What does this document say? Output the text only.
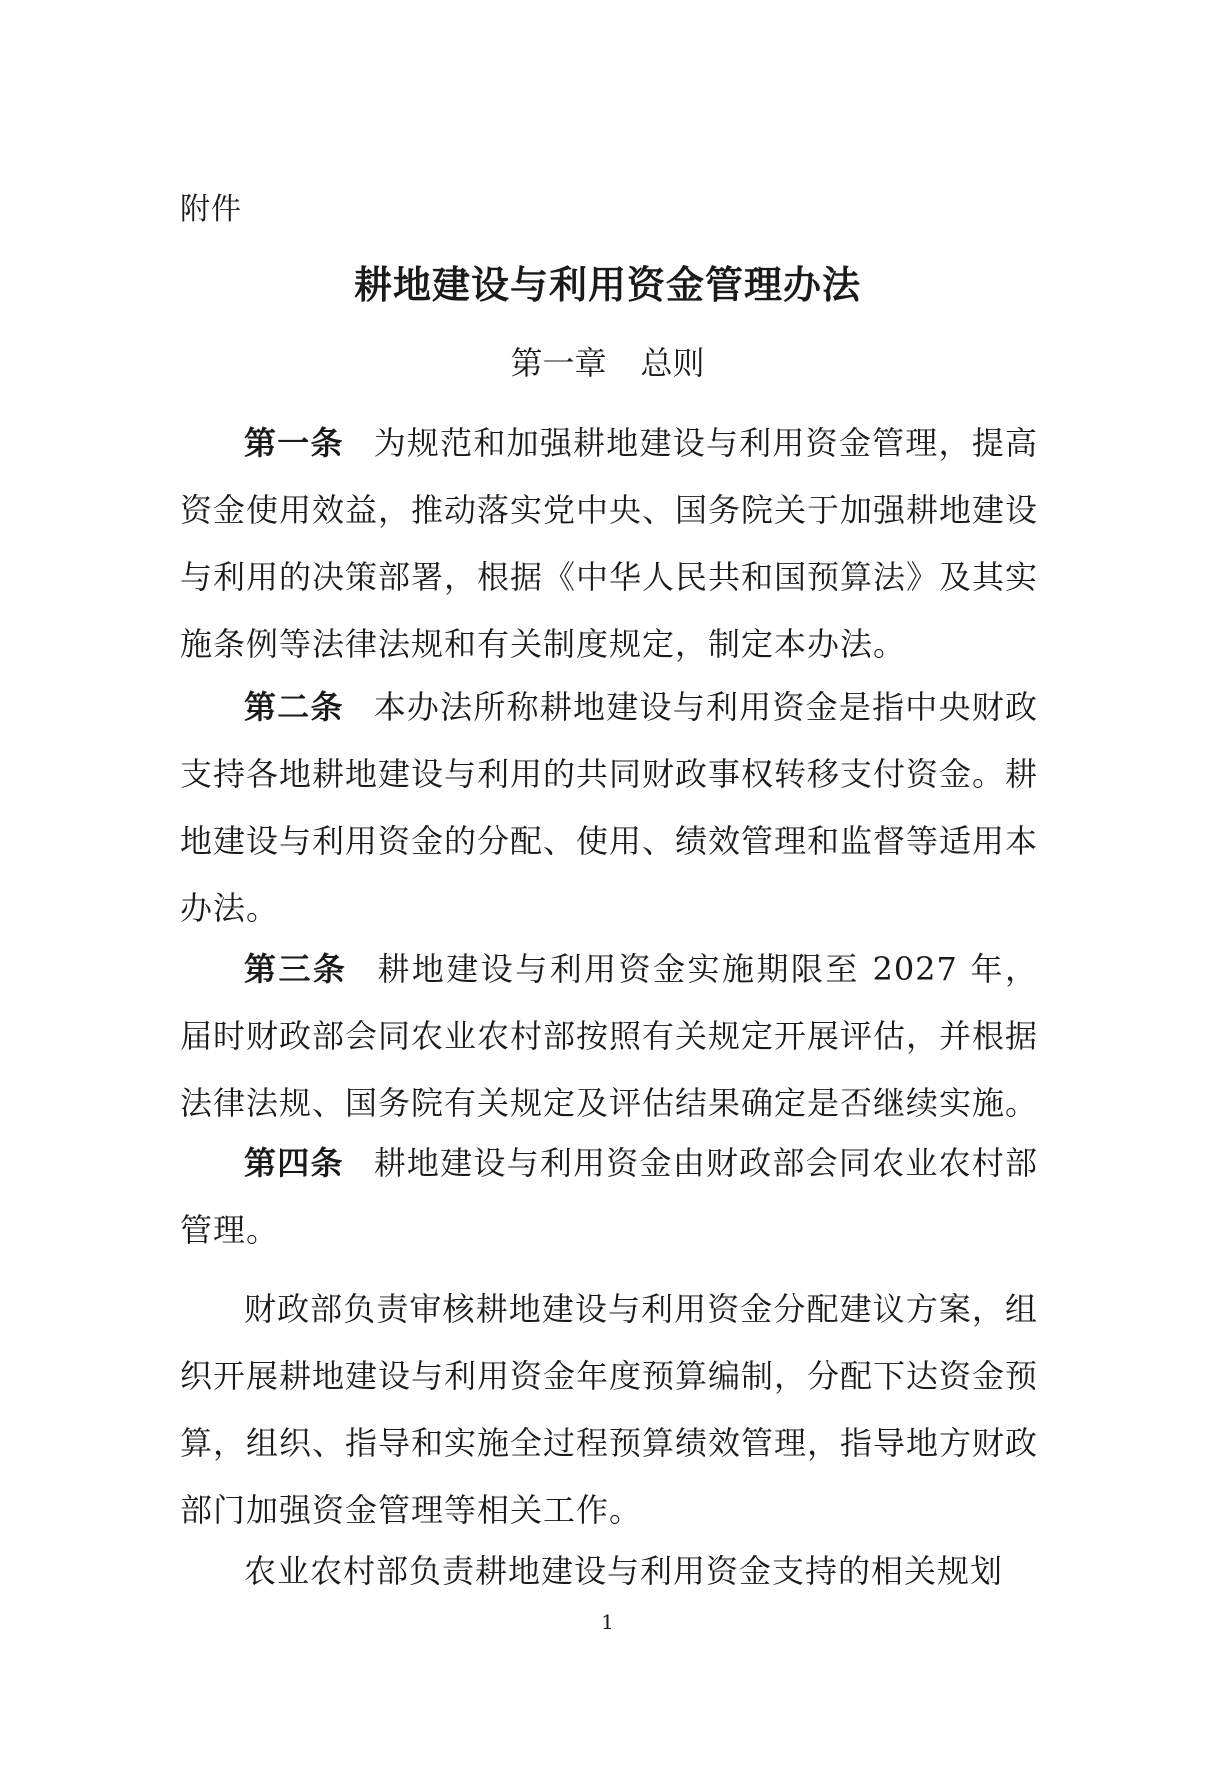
附件
耕地建设与利用资金管理办法
第一章 总则
第一条 为规范和加强耕地建设与利用资金管理，提高资金使用效益，推动落实党中央、国务院关于加强耕地建设与利用的决策部署，根据《中华人民共和国预算法》及其实施条例等法律法规和有关制度规定，制定本办法。
第二条 本办法所称耕地建设与利用资金是指中央财政支持各地耕地建设与利用的共同财政事权转移支付资金。耕地建设与利用资金的分配、使用、绩效管理和监督等适用本办法。
第三条 耕地建设与利用资金实施期限至 2027 年，届时财政部会同农业农村部按照有关规定开展评估，并根据法律法规、国务院有关规定及评估结果确定是否继续实施。
第四条 耕地建设与利用资金由财政部会同农业农村部管理。
财政部负责审核耕地建设与利用资金分配建议方案，组织开展耕地建设与利用资金年度预算编制，分配下达资金预算，组织、指导和实施全过程预算绩效管理，指导地方财政部门加强资金管理等相关工作。
农业农村部负责耕地建设与利用资金支持的相关规划
1
